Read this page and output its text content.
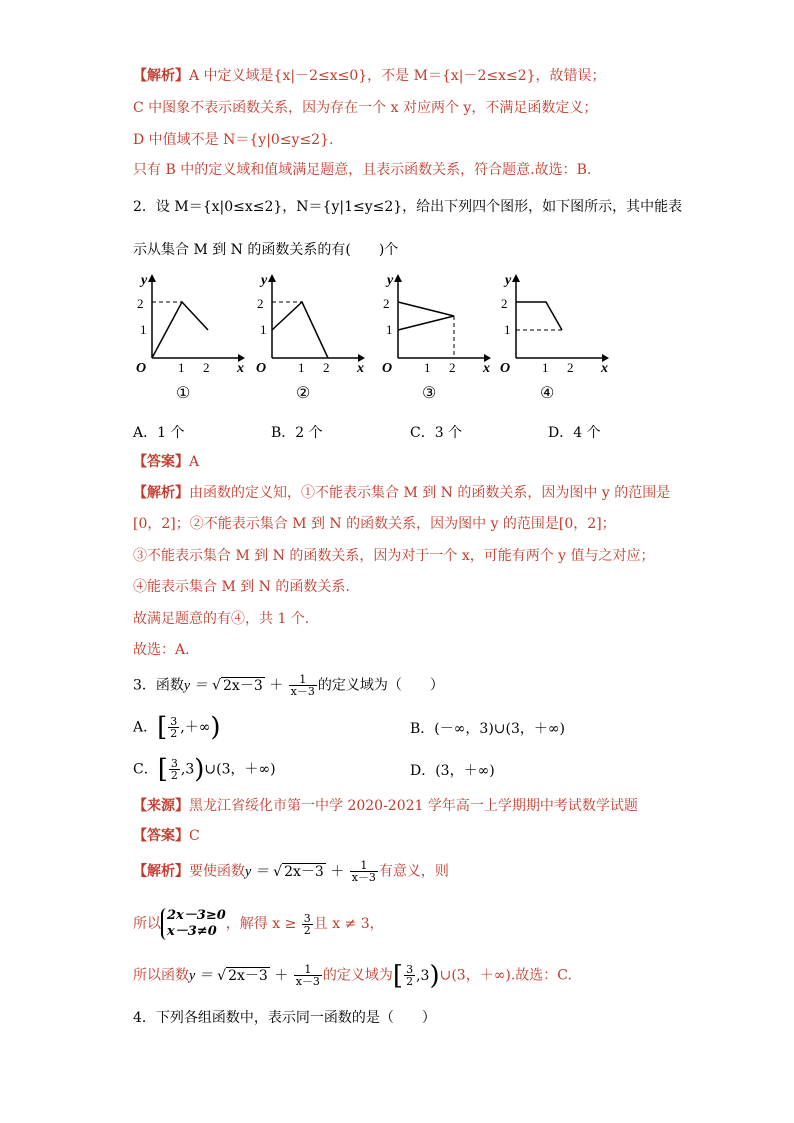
【解析】A 中定义域是{x|－2≤x≤0}，不是 M＝{x|－2≤x≤2}，故错误；
C 中图象不表示函数关系，因为存在一个 x 对应两个 y，不满足函数定义；
D 中值域不是 N＝{y|0≤y≤2}.
只有 B 中的定义域和值域满足题意，且表示函数关系，符合题意.故选：B.
2．设 M＝{x|0≤x≤2}，N＝{y|1≤y≤2}，给出下列四个图形，如下图所示，其中能表
示从集合 M 到 N 的函数关系的有(　　)个
y
x
O
2
1
1 2
①
y
x
O
2
1
1 2
②
y
x
O
2
1
1 2
③
y
x
O
2
1
1 2
④
A．1 个	B．2 个	C．3 个	D．4 个
【答案】A
【解析】由函数的定义知，①不能表示集合 M 到 N 的函数关系，因为图中 y 的范围是
[0，2]；②不能表示集合 M 到 N 的函数关系，因为图中 y 的范围是[0，2]；
③不能表示集合 M 到 N 的函数关系，因为对于一个 x，可能有两个 y 值与之对应；
④能表示集合 M 到 N 的函数关系.
故满足题意的有④，共 1 个.
故选：A.
3．函数y ＝ √ $2x-3 + \frac{1}{x-3}$ 的定义域为（　　）
A．[ $\frac{3}{2}$ ,＋∞)	B．(－∞，3)∪(3，＋∞)
C．[ $\frac{3}{2}$ ,3)∪(3，＋∞)	D．(3，＋∞)
【来源】黑龙江省绥化市第一中学 2020-2021 学年高一上学期期中考试数学试题
【答案】C
【解析】要使函数y ＝ √ $2x-3 + \frac{1}{x-3}$ 有意义，则
所以2x－3≥0
x－3≠0 ，解得 $x \ge \frac{3}{2}$ 且 x ≠ 3，
所以函数y ＝ √ $2x-3 + \frac{1}{x-3}$ 的定义域为[ $\frac{3}{2}$ ,3)∪(3，＋∞).故选：C.
4．下列各组函数中，表示同一函数的是（　　）
